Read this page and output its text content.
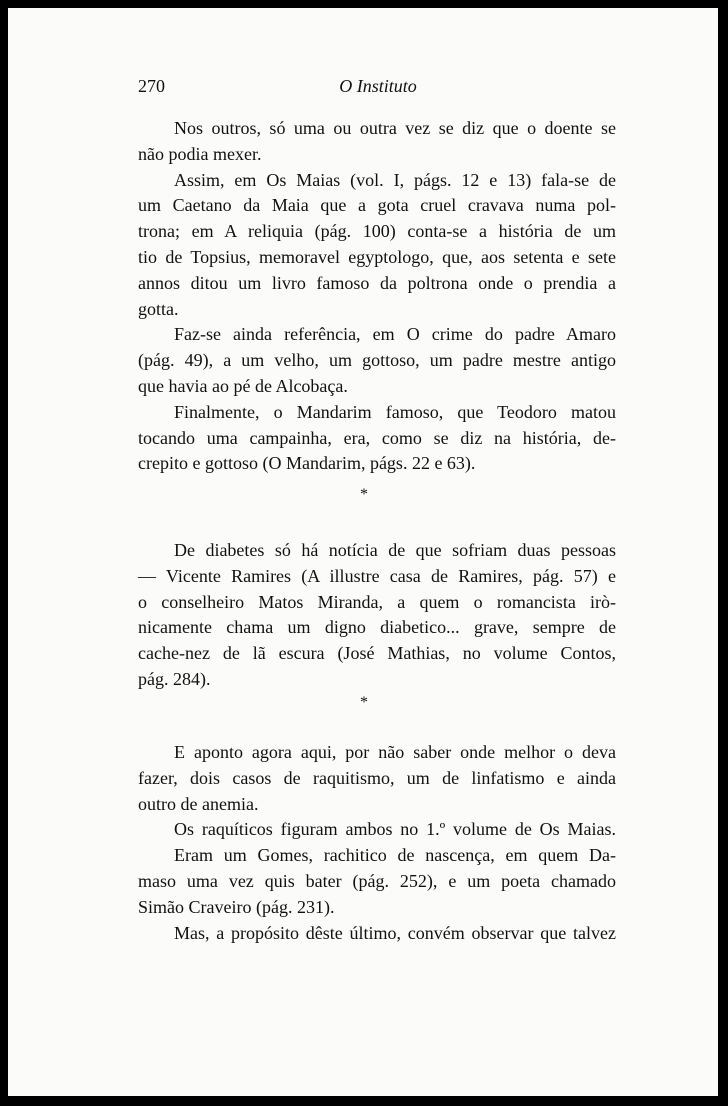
270	O Instituto
Nos outros, só uma ou outra vez se diz que o doente se
não podia mexer.
Assim, em Os Maias (vol. I, págs. 12 e 13) fala-se de
um Caetano da Maia que a gota cruel cravava numa pol-
trona; em A reliquia (pág. 100) conta-se a história de um
tio de Topsius, memoravel egyptologo, que, aos setenta e sete
annos ditou um livro famoso da poltrona onde o prendia a
gotta.
Faz-se ainda referência, em O crime do padre Amaro
(pág. 49), a um velho, um gottoso, um padre mestre antigo
que havia ao pé de Alcobaça.
Finalmente, o Mandarim famoso, que Teodoro matou
tocando uma campainha, era, como se diz na história, de-
crepito e gottoso (O Mandarim, págs. 22 e 63).
*
De diabetes só há notícia de que sofriam duas pessoas
— Vicente Ramires (A illustre casa de Ramires, pág. 57) e
o conselheiro Matos Miranda, a quem o romancista irò-
nicamente chama um digno diabetico... grave, sempre de
cache-nez de lã escura (José Mathias, no volume Contos,
pág. 284).
*
E aponto agora aqui, por não saber onde melhor o deva
fazer, dois casos de raquitismo, um de linfatismo e ainda
outro de anemia.
Os raquíticos figuram ambos no 1.º volume de Os Maias.
Eram um Gomes, rachitico de nascença, em quem Da-
maso uma vez quis bater (pág. 252), e um poeta chamado
Simão Craveiro (pág. 231).
Mas, a propósito dêste último, convém observar que talvez
